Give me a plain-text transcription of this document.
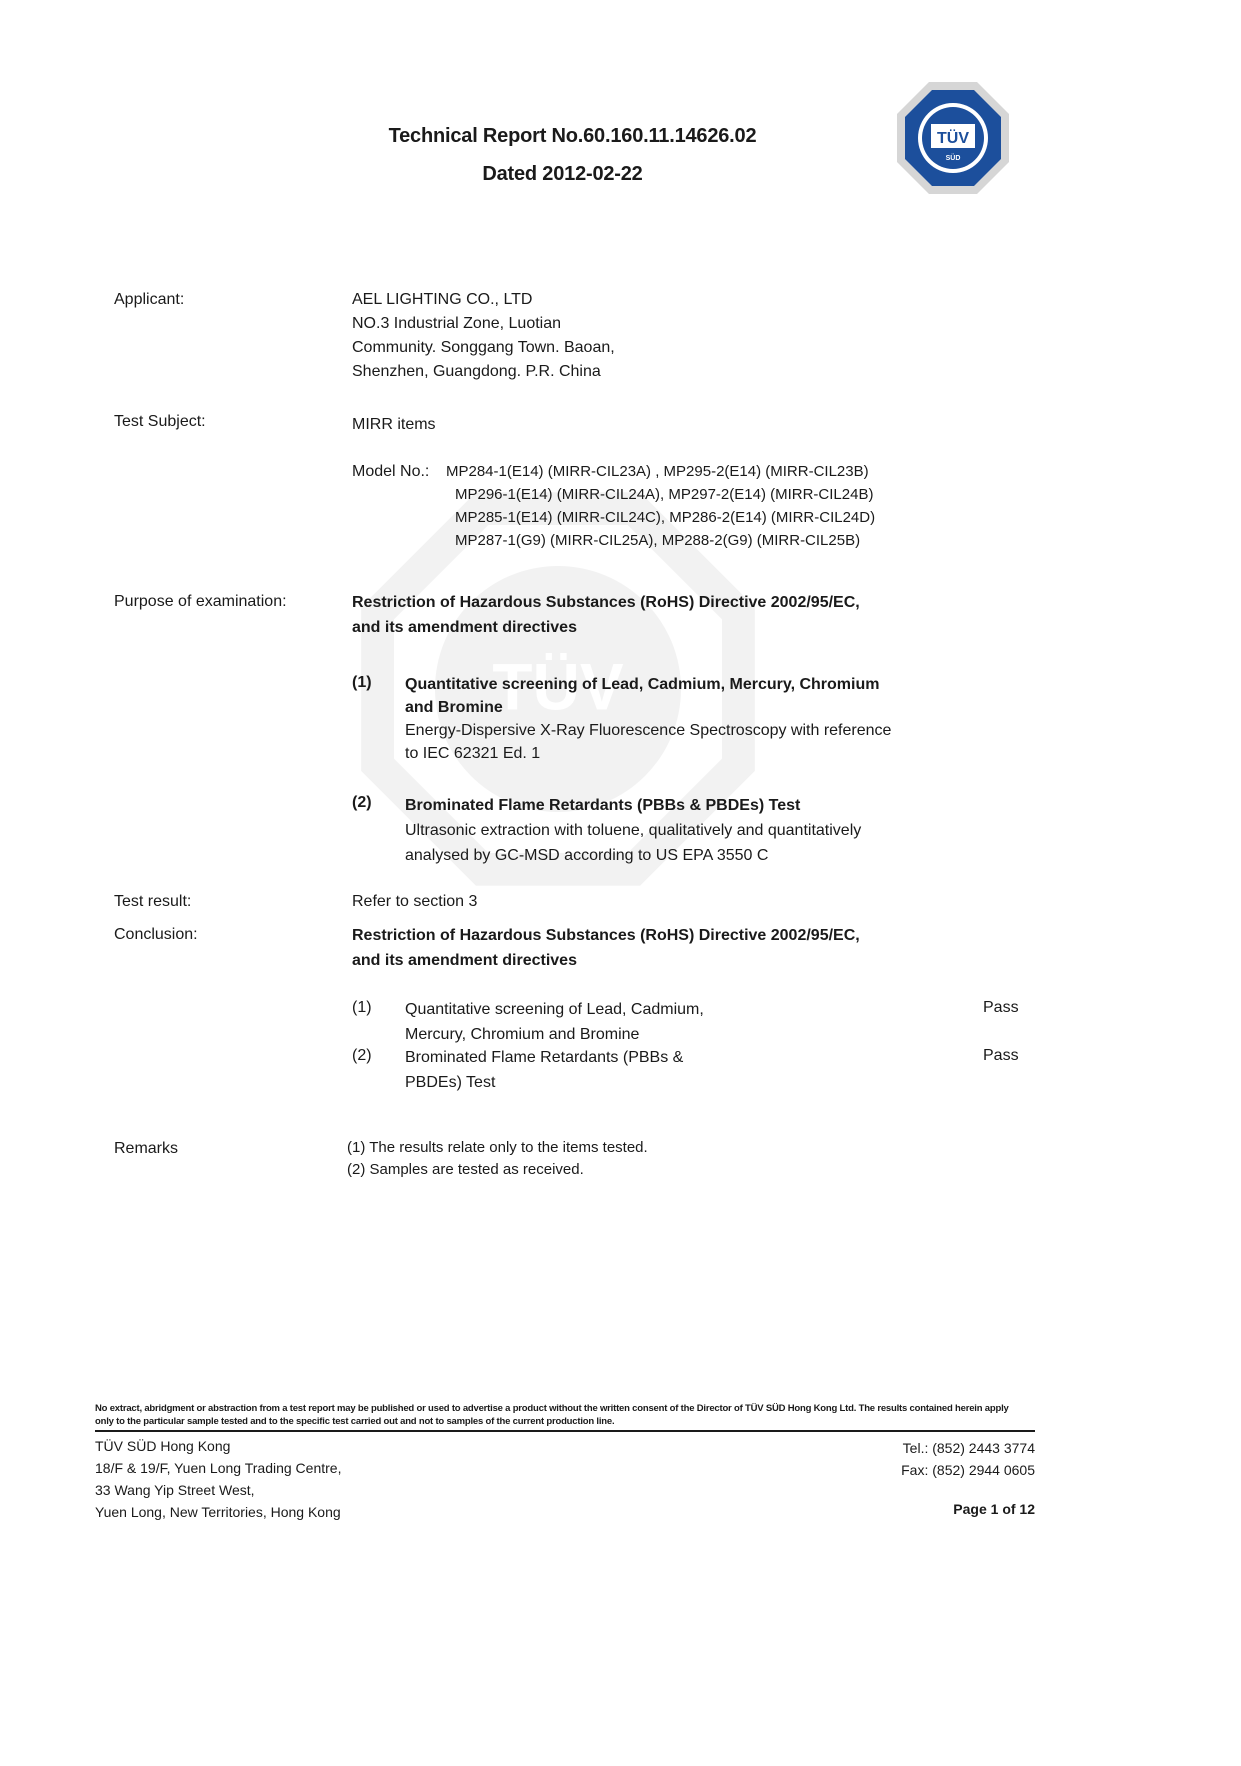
TÜV
Technical Report No.60.160.11.14626.02
Dated 2012-02-22
TÜV
SÜD
Applicant:	AEL LIGHTING CO., LTD
NO.3 Industrial Zone, Luotian
Community. Songgang Town. Baoan,
Shenzhen, Guangdong. P.R. China
Test Subject:	MIRR items
Model No.: MP284-1(E14) (MIRR-CIL23A) , MP295-2(E14) (MIRR-CIL23B)
MP296-1(E14) (MIRR-CIL24A), MP297-2(E14) (MIRR-CIL24B)
MP285-1(E14) (MIRR-CIL24C), MP286-2(E14) (MIRR-CIL24D)
MP287-1(G9) (MIRR-CIL25A), MP288-2(G9) (MIRR-CIL25B)
Purpose of examination:	Restriction of Hazardous Substances (RoHS) Directive 2002/95/EC,
and its amendment directives
(1) Quantitative screening of Lead, Cadmium, Mercury, Chromium
and Bromine
Energy-Dispersive X-Ray Fluorescence Spectroscopy with reference
to IEC 62321 Ed. 1
(2) Brominated Flame Retardants (PBBs & PBDEs) Test
Ultrasonic extraction with toluene, qualitatively and quantitatively
analysed by GC-MSD according to US EPA 3550 C
Test result:	Refer to section 3
Conclusion:	Restriction of Hazardous Substances (RoHS) Directive 2002/95/EC,
and its amendment directives
(1) Quantitative screening of Lead, Cadmium,
Mercury, Chromium and Bromine
Pass
(2) Brominated Flame Retardants (PBBs &
PBDEs) Test
Pass
Remarks	(1) The results relate only to the items tested.
(2) Samples are tested as received.
No extract, abridgment or abstraction from a test report may be published or used to advertise a product without the written consent of the Director of TÜV SÜD Hong Kong Ltd. The results contained herein apply only to the particular sample tested and to the specific test carried out and not to samples of the current production line.
TÜV SÜD Hong Kong
18/F & 19/F, Yuen Long Trading Centre,
33 Wang Yip Street West,
Yuen Long, New Territories, Hong Kong
Tel.: (852) 2443 3774
Fax: (852) 2944 0605
Page 1 of 12
